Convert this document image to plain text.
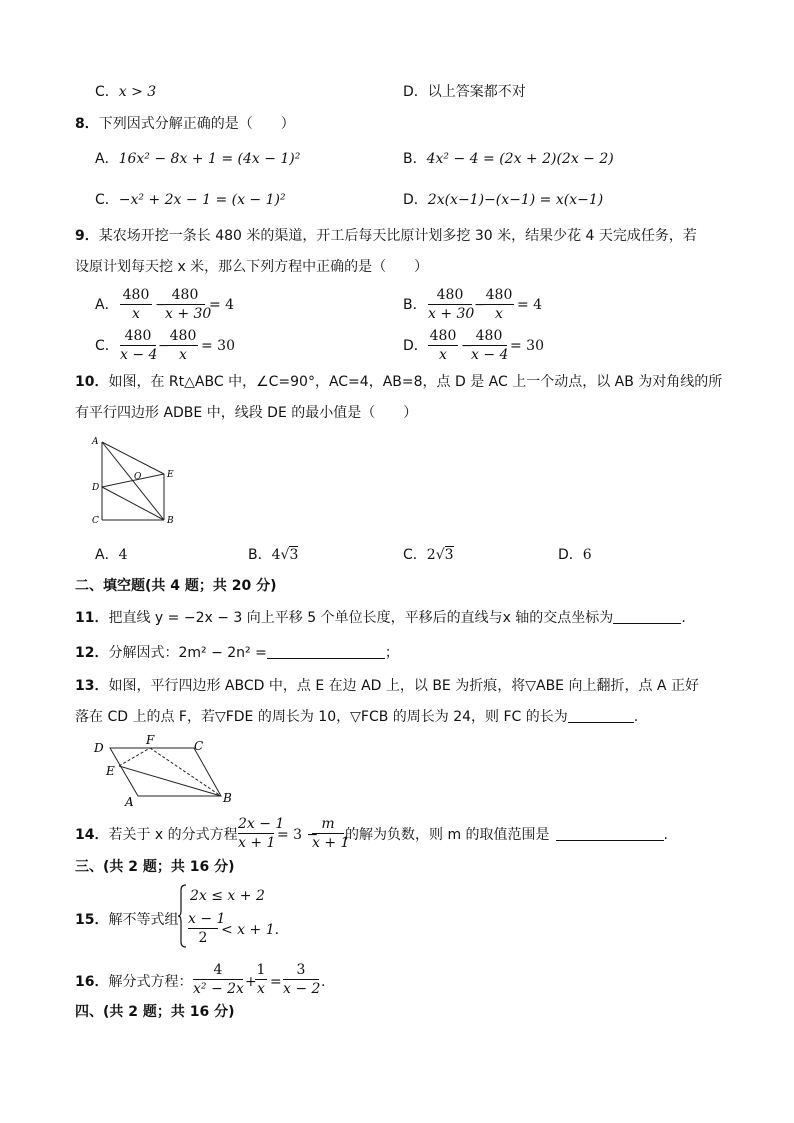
C．x > 3	D．以上答案都不对
8．下列因式分解正确的是（　　）
A．16x² − 8x + 1 = (4x − 1)²	B．4x² − 4 = (2x + 2)(2x − 2)
C．−x² + 2x − 1 = (x − 1)²	D．2x(x−1)−(x−1) = x(x−1)
9．某农场开挖一条长 480 米的渠道，开工后每天比原计划多挖 30 米，结果少花 4 天完成任务，若
设原计划每天挖 x 米，那么下列方程中正确的是（　　）
A．
480
x
−
480
x + 30
= 4	B．
480
x + 30
−
480
x
= 4
C．
480
x − 4
−
480
x
= 30	D．
480
x
−
480
x − 4
= 30
10．如图，在 Rt△ABC 中，∠C=90°，AC=4，AB=8，点 D 是 AC 上一个动点，以 AB 为对角线的所
有平行四边形 ADBE 中，线段 DE 的最小值是（　　）
A
D
C	B
E
O
A．4	B．4√3	C．2√3	D．6
二、填空题(共 4 题；共 20 分)
11．把直线 y = −2x − 3 向上平移 5 个单位长度，平移后的直线与x 轴的交点坐标为	.
12．分解因式：2m² − 2n² =	；
13．如图，平行四边形 ABCD 中，点 E 在边 AD 上，以 BE 为折痕，将▽ABE 向上翻折，点 A 正好
落在 CD 上的点 F，若▽FDE 的周长为 10，▽FCB 的周长为 24，则 FC 的长为	.
D
F	C
E
A	B
14．若关于 x 的分式方程
2x − 1
x + 1 = 3 −
m
x + 1
的解为负数，则 m 的取值范围是	.
三、(共 2 题；共 16 分)
15．解不等式组
2x ≤ x + 2
x − 1
2 < x + 1.
16．解分式方程：
4
x² − 2x +
1
x =
3
x − 2 .
四、(共 2 题；共 16 分)
